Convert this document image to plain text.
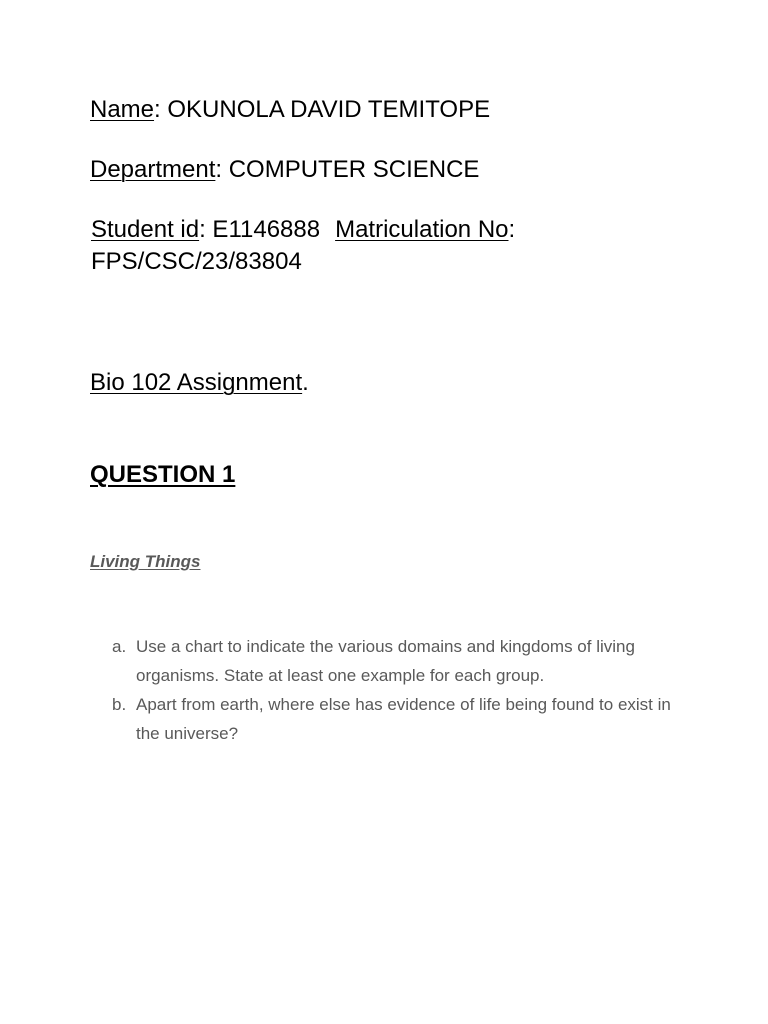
Name: OKUNOLA DAVID TEMITOPE
Department: COMPUTER SCIENCE
Student id: E1146888 Matriculation No:
FPS/CSC/23/83804
Bio 102 Assignment.
QUESTION 1
Living Things
a. Use a chart to indicate the various domains and kingdoms of living organisms. State at least one example for each group.
b. Apart from earth, where else has evidence of life being found to exist in the universe?
